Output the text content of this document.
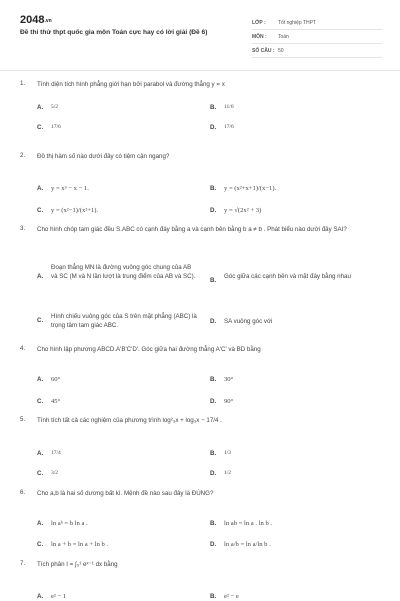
2048.vn
Đề thi thử thpt quốc gia môn Toán cực hay có lời giải (Đề 6)
LỚP :	Tốt nghiệp THPT
MÔN :	Toán
SỐ CÂU : 50
1.	Tính diện tích hình phẳng giới hạn bởi parabol và đường thẳng y = x
A.	5/2	B.	11/6
C.	17/6	D.	17/6
2.	Đồ thị hàm số nào dưới đây có tiệm cận ngang?
A.	y = x³ − x − 1.	B.	y = (x²+x+1)/(x−1).
C.	y = (x²−1)/(x²+1).	D.	y = √(2x² + 3)
3.	Cho hình chóp tam giác đều S.ABC có cạnh đáy bằng a và cạnh bên bằng b a ≠ b . Phát biểu nào dưới đây SAI?
A.
Đoạn thẳng MN là đường vuông góc chung của AB và SC (M và N lần lượt là trung điểm của AB và SC).
B.
Góc giữa các cạnh bên và mặt đáy bằng nhau
C.
Hình chiếu vuông góc của S trên mặt phẳng (ABC) là trọng tâm tam giác ABC.
D.	SA vuông góc với
4.	Cho hình lập phương ABCD.A'B'C'D'. Góc giữa hai đường thẳng A'C' và BD bằng
A.	60°	B.	30°
C.	45°	D.	90°
5.	Tính tích tất cả các nghiệm của phương trình log²₃x + log₃x − 17/4 .
A.	17/4	B.	1/3
C.	3/2	D.	1/2
6.	Cho a,b là hai số dương bất kì. Mệnh đề nào sau đây là ĐÚNG?
A.	ln aᵇ = b ln a .	B.	ln ab = ln a . ln b .
C.	ln a + b = ln a + ln b .	D.	ln a/b = ln a/ln b .
7.	Tích phân I = ∫₀¹ eˣ⁻¹ dx bằng
A.	e² − 1	B.	e² − e
